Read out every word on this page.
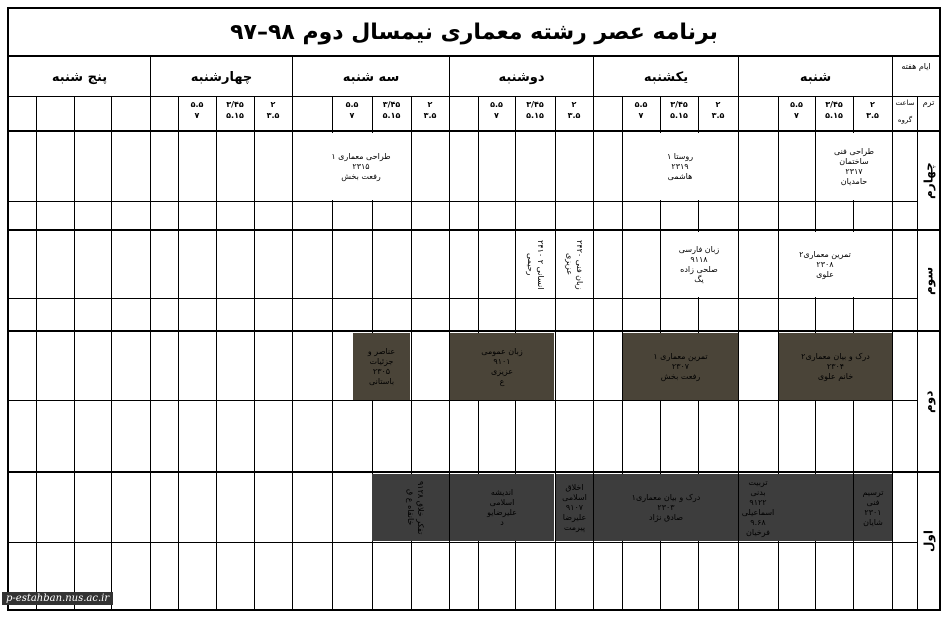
برنامه عصر رشته معماری نیمسال دوم ۹۸–۹۷
ایام هفته
ترم
ساعت
گروه
شنبه
یکشنبه
دوشنبه
سه شنبه
چهارشنبه
پنج شنبه
۲
۳.۵
۳/۴۵
۵.۱۵
۵.۵
۷
۲
۳.۵
۳/۴۵
۵.۱۵
۵.۵
۷
۲
۳.۵
۳/۴۵
۵.۱۵
۵.۵
۷
۲
۳.۵
۳/۴۵
۵.۱۵
۵.۵
۷
۲
۳.۵
۳/۴۵
۵.۱۵
۵.۵
۷
چهارم
سوم
دوم
اول
طراحی فنی
ساختمان
۲۳۱۷
حامدیان
روستا ۱
۲۳۱۹
هاشمی
طراحی معماری ۱
۲۳۱۵
رفعت بخش
تمرین معماری۲
۲۳۰۸
علوی
زبان فارسی
۹۱۱۸
صلحی زاده
یگ
زبان فنی ۲۴۲۰ عزیزی
انسانی ۲ ۲۴۱۰ رحیمی
درک و بیان معماری۲
۲۳۰۴
خانم علوی
تمرین معماری ۱
۲۳۰۷
رفعت بخش
زبان عمومی
۹۱۰۱
عزیزی
ع
عناصر و
جزئیات
۲۳۰۵
باستانی
ترسیم
فنی
۲۳۰۱
شایان
تربیت
بدنی
۹۱۲۲
اسماعیلی
۹.۶۸
فرخیان
درک و بیان معماری۱
۲۳۰۳
صادق نژاد
اخلاق
اسلامی
۹۱۰۷
علیرضا
پیرمت
اندیشه
اسلامی
علیرضایو
د
تفکر خلاق ۹۱۲۸ خانقاه ع ق
p-estahban.nus.ac.ir
